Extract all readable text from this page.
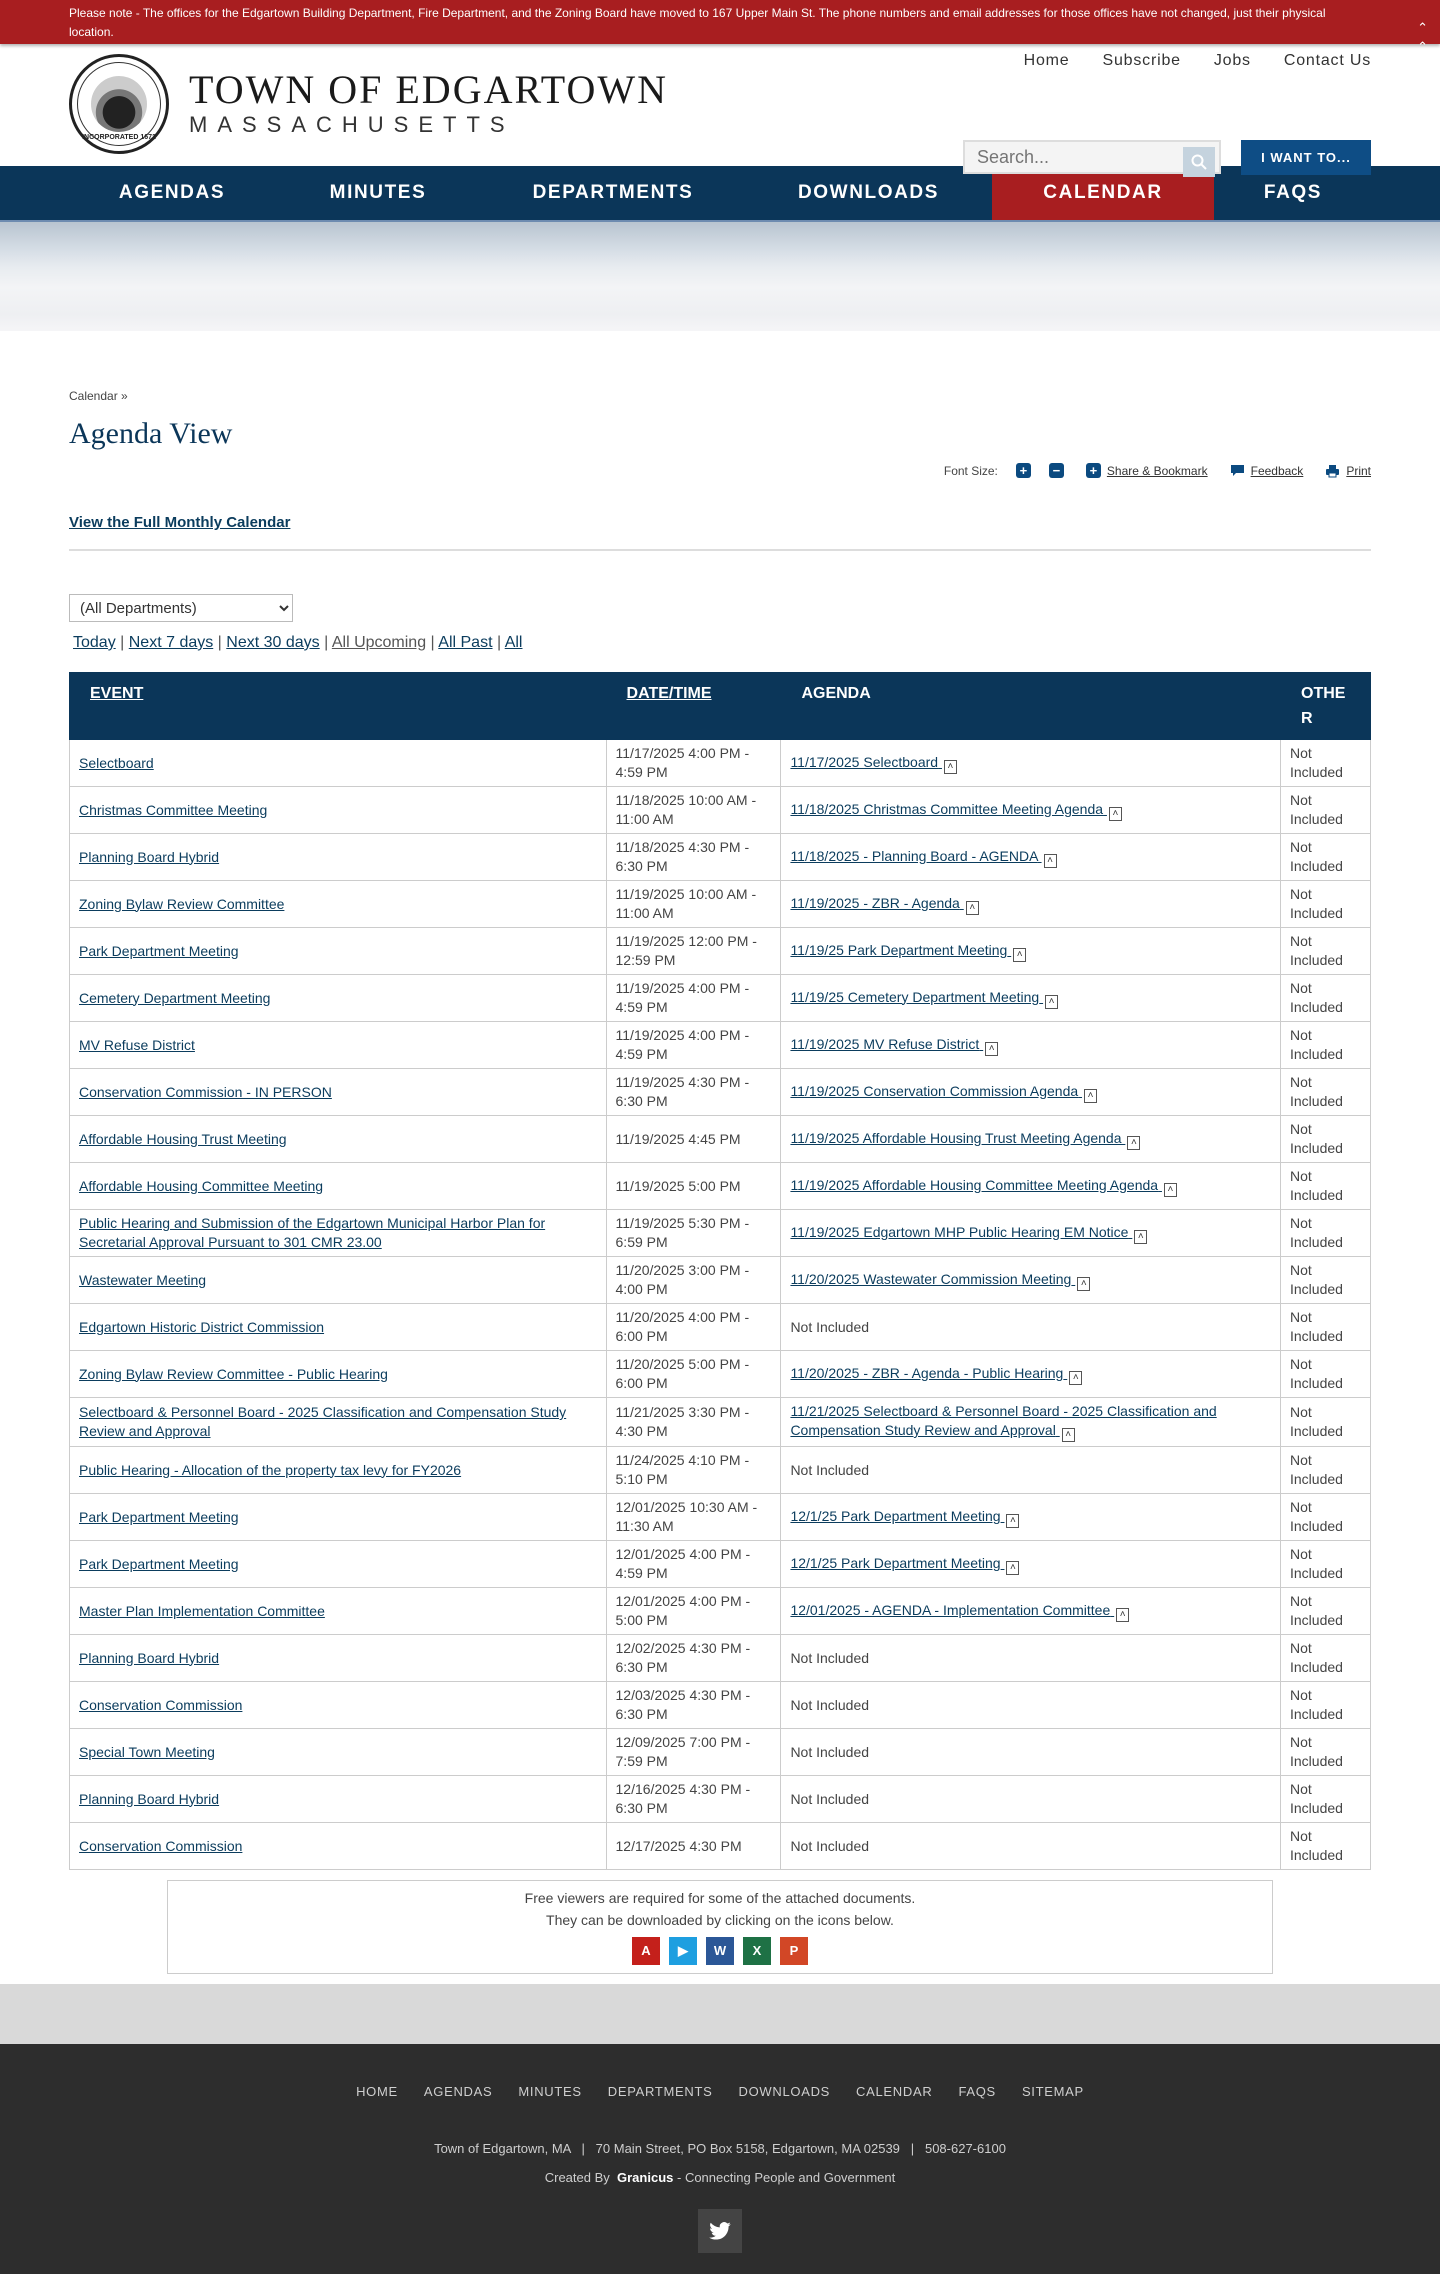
Please note - The offices for the Edgartown Building Department, Fire Department, and the Zoning Board have moved to 167 Upper Main St. The phone numbers and email addresses for those offices have not changed, just their physical location.	⌃
⌃
INCORPORATED 1671
TOWN OF EDGARTOWN
MASSACHUSETTS
Home Subscribe Jobs Contact Us
Search...
I WANT TO...
AGENDAS	MINUTES	DEPARTMENTS	DOWNLOADS	CALENDAR	FAQS
Calendar »
Agenda View
Font Size: + − + Share & Bookmark	Feedback	Print
View the Full Monthly Calendar
(All Departments)
Today | Next 7 days | Next 30 days | All Upcoming | All Past | All
EVENT	DATE/TIME	AGENDA	OTHE
R
Selectboard	11/17/2025 4:00 PM - 4:59 PM	11/17/2025 Selectboard ˄	Not Included
Christmas Committee Meeting	11/18/2025 10:00 AM - 11:00 AM	11/18/2025 Christmas Committee Meeting Agenda ˄	Not Included
Planning Board Hybrid	11/18/2025 4:30 PM - 6:30 PM	11/18/2025 - Planning Board - AGENDA ˄	Not Included
Zoning Bylaw Review Committee	11/19/2025 10:00 AM - 11:00 AM	11/19/2025 - ZBR - Agenda ˄	Not Included
Park Department Meeting	11/19/2025 12:00 PM - 12:59 PM	11/19/25 Park Department Meeting ˄	Not Included
Cemetery Department Meeting	11/19/2025 4:00 PM - 4:59 PM	11/19/25 Cemetery Department Meeting ˄	Not Included
MV Refuse District	11/19/2025 4:00 PM - 4:59 PM	11/19/2025 MV Refuse District ˄	Not Included
Conservation Commission - IN PERSON	11/19/2025 4:30 PM - 6:30 PM	11/19/2025 Conservation Commission Agenda ˄	Not Included
Affordable Housing Trust Meeting	11/19/2025 4:45 PM	11/19/2025 Affordable Housing Trust Meeting Agenda ˄	Not Included
Affordable Housing Committee Meeting	11/19/2025 5:00 PM	11/19/2025 Affordable Housing Committee Meeting Agenda ˄	Not Included
Public Hearing and Submission of the Edgartown Municipal Harbor Plan for Secretarial Approval Pursuant to 301 CMR 23.00	11/19/2025 5:30 PM - 6:59 PM	11/19/2025 Edgartown MHP Public Hearing EM Notice ˄	Not Included
Wastewater Meeting	11/20/2025 3:00 PM - 4:00 PM	11/20/2025 Wastewater Commission Meeting ˄	Not Included
Edgartown Historic District Commission	11/20/2025 4:00 PM - 6:00 PM	Not Included	Not Included
Zoning Bylaw Review Committee - Public Hearing	11/20/2025 5:00 PM - 6:00 PM	11/20/2025 - ZBR - Agenda - Public Hearing ˄	Not Included
Selectboard & Personnel Board - 2025 Classification and Compensation Study Review and Approval	11/21/2025 3:30 PM - 4:30 PM	11/21/2025 Selectboard & Personnel Board - 2025 Classification and Compensation Study Review and Approval ˄	Not Included
Public Hearing - Allocation of the property tax levy for FY2026	11/24/2025 4:10 PM - 5:10 PM	Not Included	Not Included
Park Department Meeting	12/01/2025 10:30 AM - 11:30 AM	12/1/25 Park Department Meeting ˄	Not Included
Park Department Meeting	12/01/2025 4:00 PM - 4:59 PM	12/1/25 Park Department Meeting ˄	Not Included
Master Plan Implementation Committee	12/01/2025 4:00 PM - 5:00 PM	12/01/2025 - AGENDA - Implementation Committee ˄	Not Included
Planning Board Hybrid	12/02/2025 4:30 PM - 6:30 PM	Not Included	Not Included
Conservation Commission	12/03/2025 4:30 PM - 6:30 PM	Not Included	Not Included
Special Town Meeting	12/09/2025 7:00 PM - 7:59 PM	Not Included	Not Included
Planning Board Hybrid	12/16/2025 4:30 PM - 6:30 PM	Not Included	Not Included
Conservation Commission	12/17/2025 4:30 PM	Not Included	Not Included
Free viewers are required for some of the attached documents.
They can be downloaded by clicking on the icons below.
A	▶	W	X	P
HOME AGENDAS MINUTES DEPARTMENTS DOWNLOADS CALENDAR FAQS SITEMAP
Town of Edgartown, MA   |   70 Main Street, PO Box 5158, Edgartown, MA 02539   |   508-627-6100
Created By Granicus - Connecting People and Government
